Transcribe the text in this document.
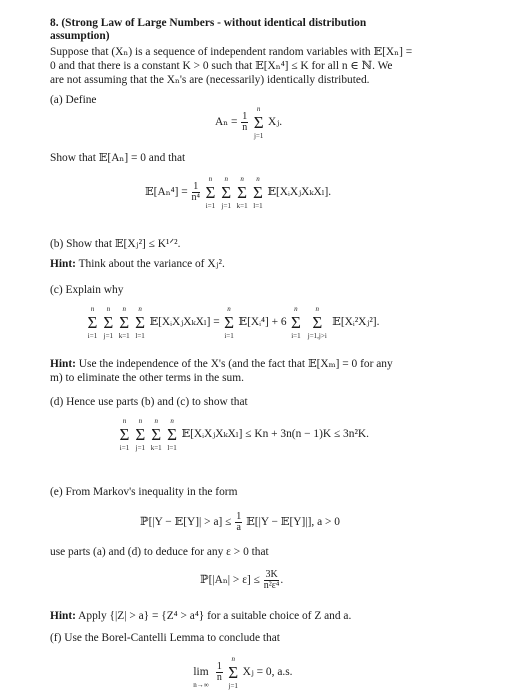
8. (Strong Law of Large Numbers - without identical distribution
assumption)
Suppose that (Xₙ) is a sequence of independent random variables with 𝔼[Xₙ] =
0 and that there is a constant K > 0 such that 𝔼[Xₙ⁴] ≤ K for all n ∈ ℕ. We
are not assuming that the Xₙ's are (necessarily) identically distributed.
(a) Define
$A_n = \frac{1}{n}$

n
Σ
j=1
Xⱼ.
Show that 𝔼[Aₙ] = 0 and that
𝔼[Aₙ⁴] = $\frac{1}{\text{n⁴}}$

n
Σ
i=1

n
Σ
j=1

n
Σ
k=1

n
Σ
l=1
𝔼[XᵢXⱼXₖXₗ].
(b) Show that 𝔼[Xⱼ²] ≤ K¹ᐟ².
Hint: Think about the variance of Xⱼ².
(c) Explain why
n
Σ
i=1

n
Σ
j=1

n
Σ
k=1

n
Σ
l=1
𝔼[XᵢXⱼXₖXₗ] =
n
Σ
i=1
𝔼[Xᵢ⁴] + 6
n
Σ
i=1

n
Σ
j=1,j>i
𝔼[Xᵢ²Xⱼ²].
Hint: Use the independence of the X's (and the fact that 𝔼[Xₘ] = 0 for any
m) to eliminate the other terms in the sum.
(d) Hence use parts (b) and (c) to show that
n
Σ
i=1

n
Σ
j=1

n
Σ
k=1

n
Σ
l=1
𝔼[XᵢXⱼXₖXₗ] ≤ Kn + 3n(n − 1)K ≤ 3n²K.
(e) From Markov's inequality in the form
ℙ[|Y − 𝔼[Y]| > $a] \le \frac{1}{a}$ 𝔼[|Y − 𝔼[Y]|], a > 0
use parts (a) and (d) to deduce for any ε > 0 that
ℙ[|Aₙ| > $\varepsilon] \le \frac{3K}{\text{n²ε⁴}}$ .
Hint: Apply {|Z| > a} = {Z⁴ > a⁴} for a suitable choice of Z and a.
(f) Use the Borel-Cantelli Lemma to conclude that
lim
n→∞

$\frac{1}{n}$

n
Σ
j=1
Xⱼ = 0, a.s.
